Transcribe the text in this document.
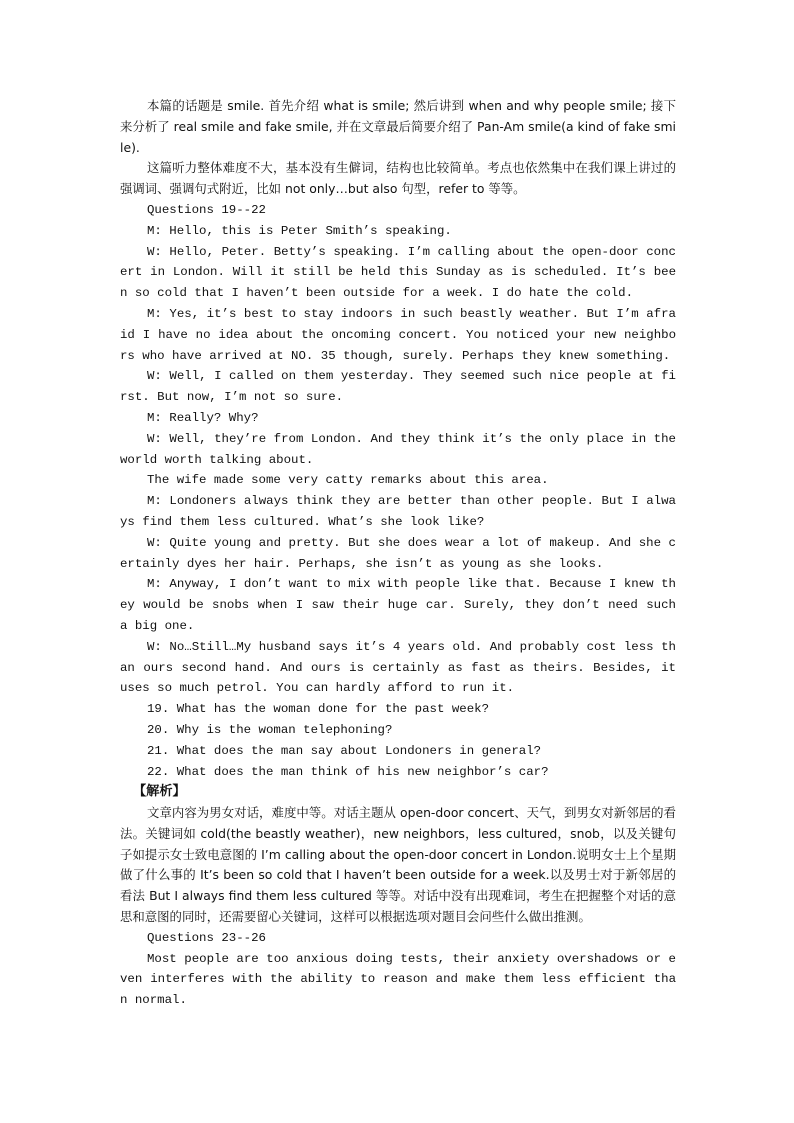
本篇的话题是 smile. 首先介绍 what is smile; 然后讲到 when and why people smile; 接下来分析了 real smile and fake smile, 并在文章最后简要介绍了 Pan-Am smile(a kind of fake smile).

这篇听力整体难度不大，基本没有生僻词，结构也比较简单。考点也依然集中在我们课上讲过的强调词、强调句式附近，比如 not only…but also 句型，refer to 等等。

Questions 19--22

M: Hello, this is Peter Smith’s speaking.

W: Hello, Peter. Betty’s speaking. I’m calling about the open-door concert in London. Will it still be held this Sunday as is scheduled. It’s been so cold that I haven’t been outside for a week. I do hate the cold.

M: Yes, it’s best to stay indoors in such beastly weather. But I’m afraid I have no idea about the oncoming concert. You noticed your new neighbors who have arrived at NO. 35 though, surely. Perhaps they knew something.

W: Well, I called on them yesterday. They seemed such nice people at first. But now, I’m not so sure.

M: Really? Why?

W: Well, they’re from London. And they think it’s the only place in the world worth talking about.

The wife made some very catty remarks about this area.

M: Londoners always think they are better than other people. But I always find them less cultured. What’s she look like?

W: Quite young and pretty. But she does wear a lot of makeup. And she certainly dyes her hair. Perhaps, she isn’t as young as she looks.

M: Anyway, I don’t want to mix with people like that. Because I knew they would be snobs when I saw their huge car. Surely, they don’t need such a big one.

W: No…Still…My husband says it’s 4 years old. And probably cost less than ours second hand. And ours is certainly as fast as theirs. Besides, it uses so much petrol. You can hardly afford to run it.

19. What has the woman done for the past week?

20. Why is the woman telephoning?

21. What does the man say about Londoners in general?

22. What does the man think of his new neighbor’s car?

【解析】

文章内容为男女对话，难度中等。对话主题从 open-door concert、天气，到男女对新邻居的看法。关键词如 cold(the beastly weather)，new neighbors，less cultured，snob，以及关键句子如提示女士致电意图的 I’m calling about the open-door concert in London.说明女士上个星期做了什么事的 It’s been so cold that I haven’t been outside for a week.以及男士对于新邻居的看法 But I always find them less cultured 等等。对话中没有出现难词，考生在把握整个对话的意思和意图的同时，还需要留心关键词，这样可以根据选项对题目会问些什么做出推测。

Questions 23--26

Most people are too anxious doing tests, their anxiety overshadows or even interferes with the ability to reason and make them less efficient than normal.
